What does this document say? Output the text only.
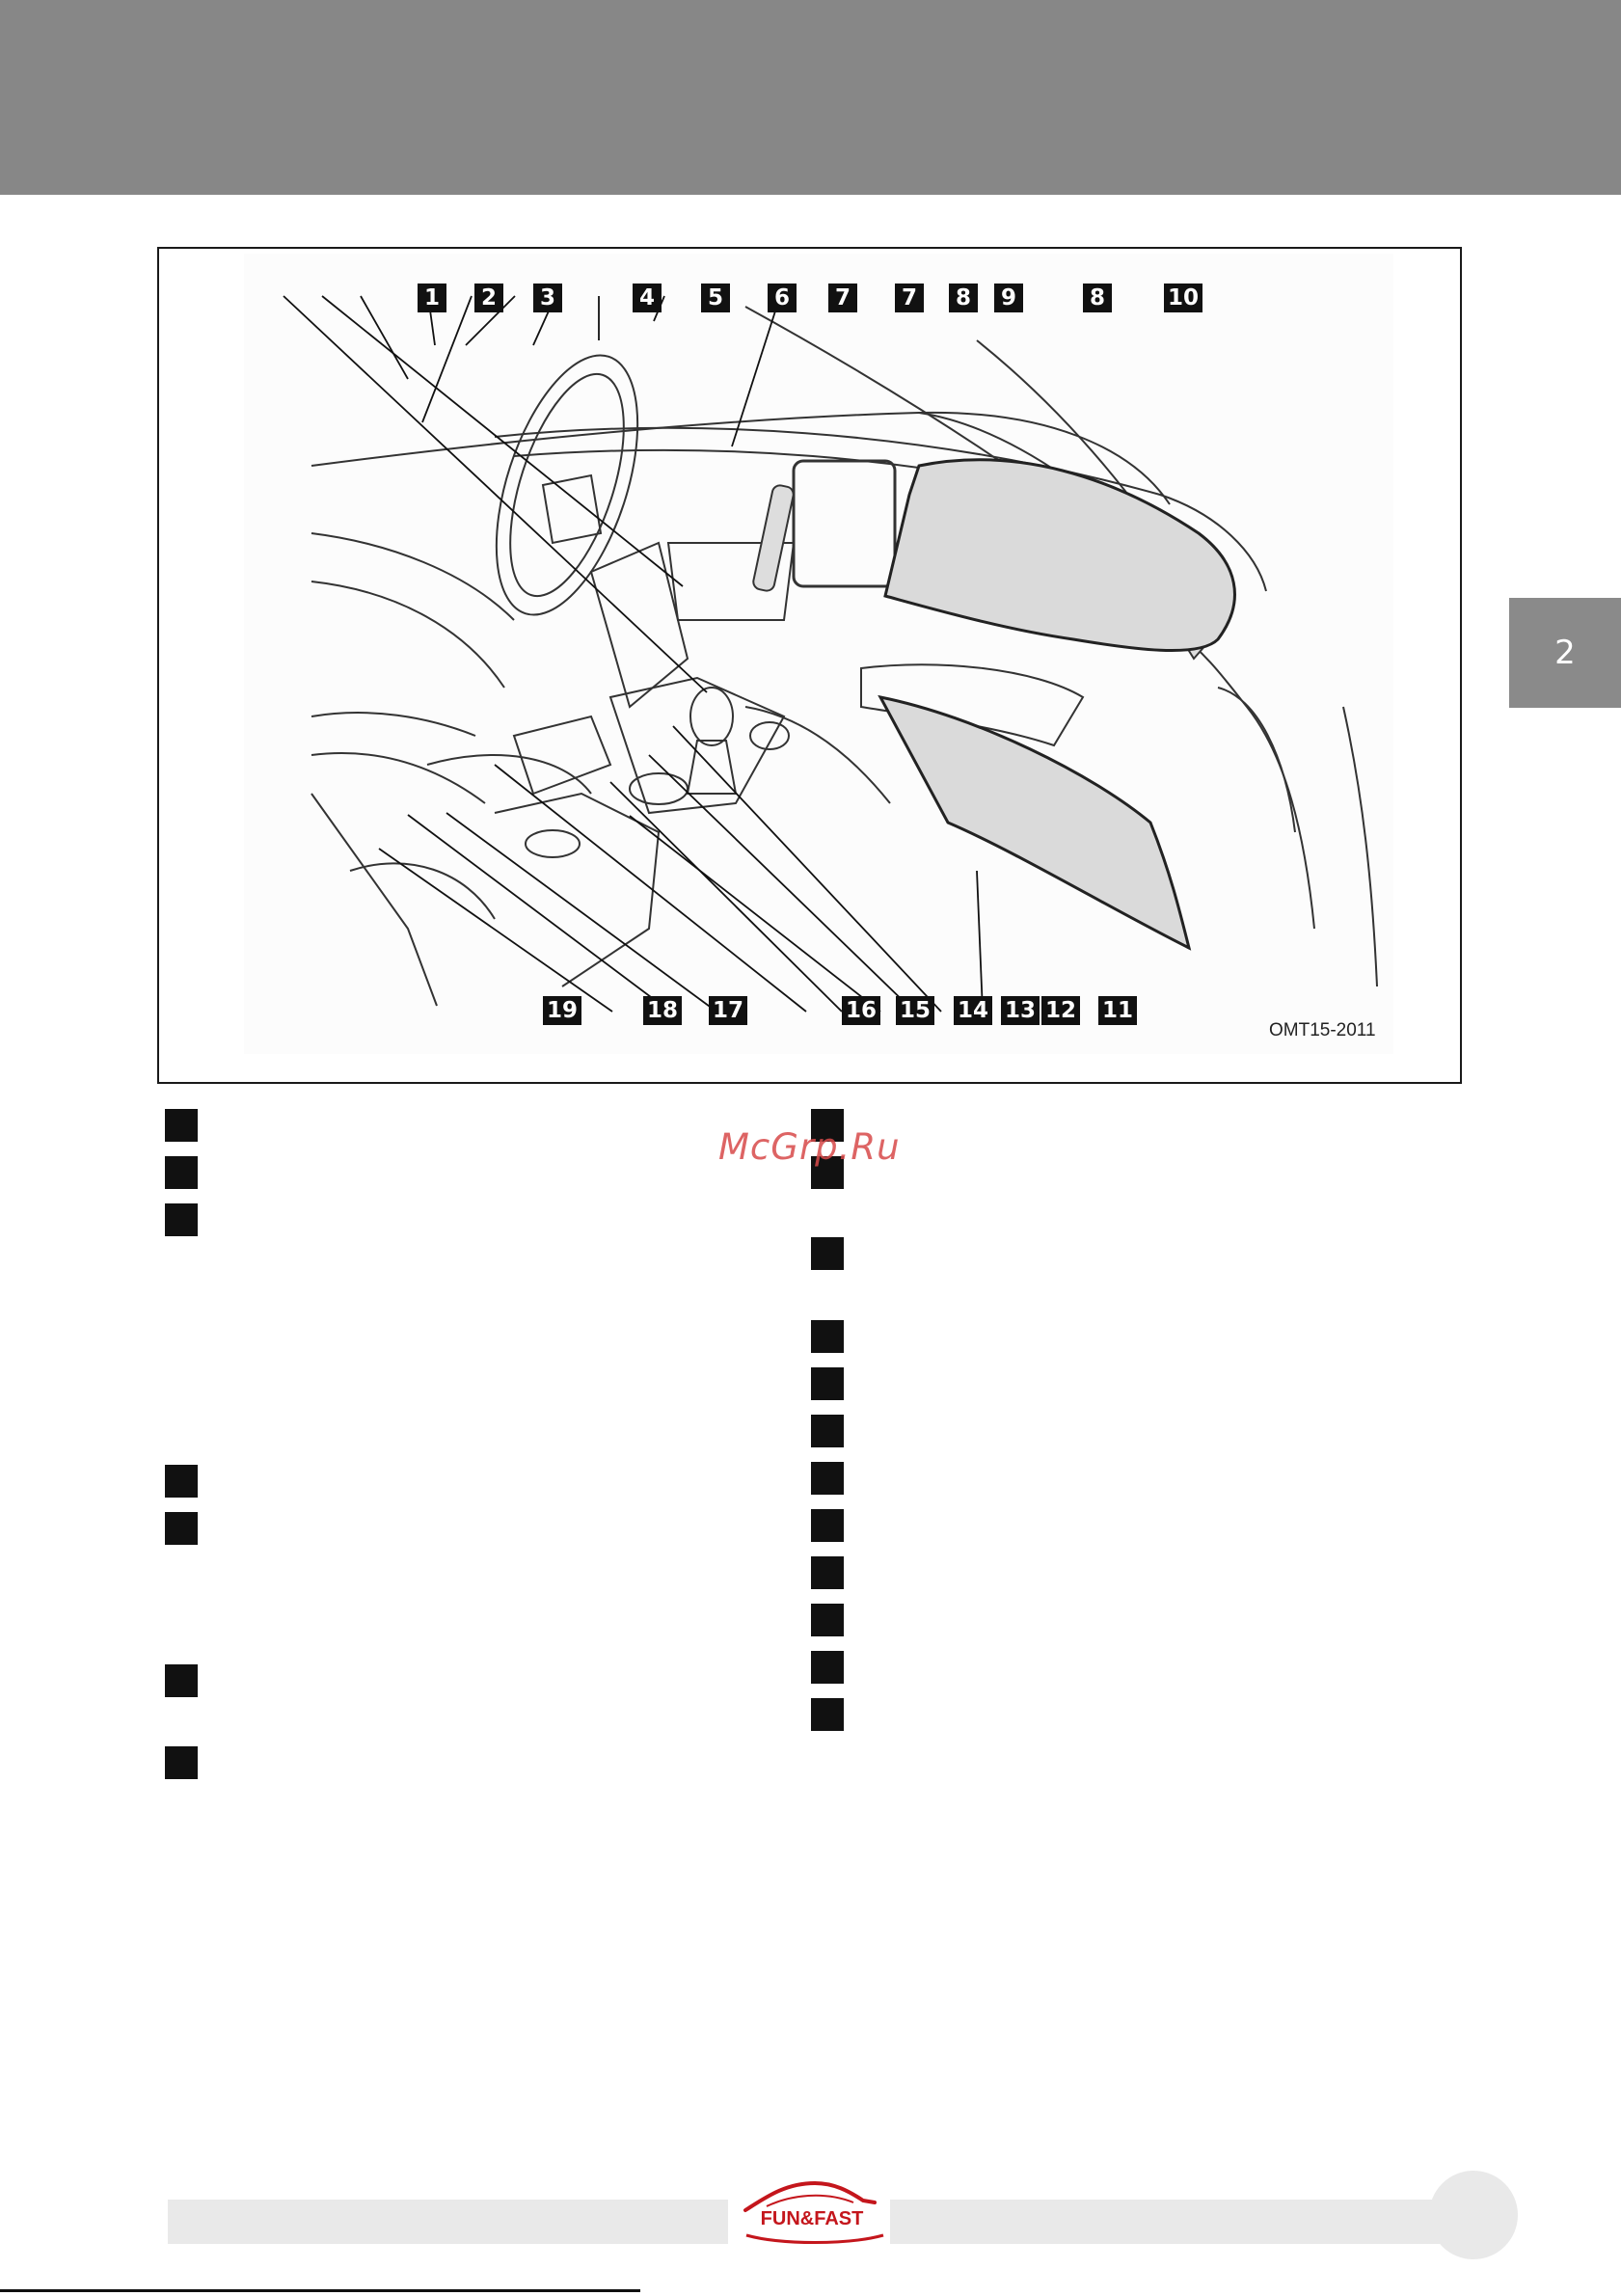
2
1	2	3	4	5	6	7	7	8	9	8	10
19	18 17	16 15 14 13 12 11
OMT15-2011
McGrp.Ru
FUN&FAST
